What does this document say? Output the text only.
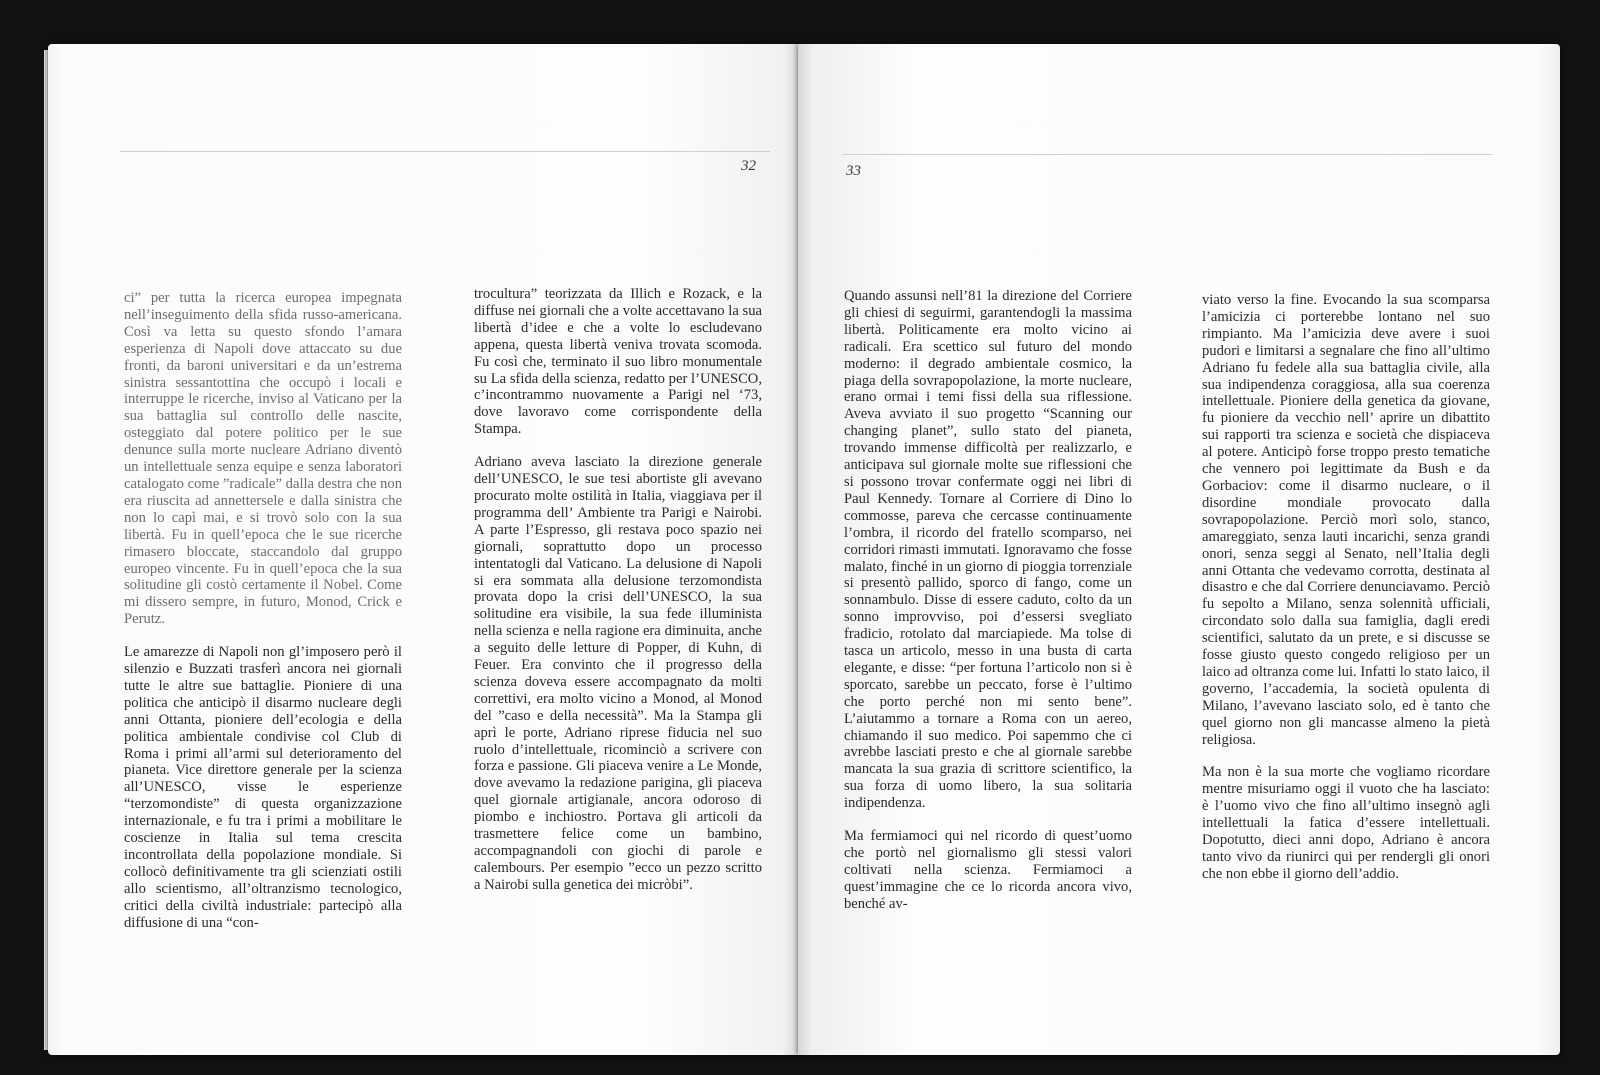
32

ci” per tutta la ricerca europea impegnata nell’inseguimento della sfida russo-americana. Così va letta su questo sfondo l’amara esperienza di Napoli dove attaccato su due fronti, da baroni universitari e da un’estrema sinistra sessantottina che occupò i locali e interruppe le ricerche, inviso al Vaticano per la sua battaglia sul controllo delle nascite, osteggiato dal potere politico per le sue denunce sulla morte nucleare Adriano diventò un intellettuale senza equipe e senza laboratori catalogato come ”radicale” dalla destra che non era riuscita ad annettersele e dalla sinistra che non lo capì mai, e si trovò solo con la sua libertà. Fu in quell’epoca che le sue ricerche rimasero bloccate, staccandolo dal gruppo europeo vincente. Fu in quell’epoca che la sua solitudine gli costò certamente il Nobel. Come mi dissero sempre, in futuro, Monod, Crick e Perutz.

Le amarezze di Napoli non gl’imposero però il silenzio e Buzzati trasferì ancora nei giornali tutte le altre sue battaglie. Pioniere di una politica che anticipò il disarmo nucleare degli anni Ottanta, pioniere dell’ecologia e della politica ambientale condivise col Club di Roma i primi all’armi sul deterioramento del pianeta. Vice direttore generale per la scienza all’UNESCO, visse le esperienze “terzomondiste” di questa organizzazione internazionale, e fu tra i primi a mobilitare le coscienze in Italia sul tema crescita incontrollata della popolazione mondiale. Si collocò definitivamente tra gli scienziati ostili allo scientismo, all’oltranzismo tecnologico, critici della civiltà industriale: partecipò alla diffusione di una “con-

trocultura” teorizzata da Illich e Rozack, e la diffuse nei giornali che a volte accettavano la sua libertà d’idee e che a volte lo escludevano appena, questa libertà veniva trovata scomoda. Fu così che, terminato il suo libro monumentale su La sfida della scienza, redatto per l’UNESCO, c’incontrammo nuovamente a Parigi nel ‘73, dove lavoravo come corrispondente della Stampa.

Adriano aveva lasciato la direzione generale dell’UNESCO, le sue tesi abortiste gli avevano procurato molte ostilità in Italia, viaggiava per il programma dell’ Ambiente tra Parigi e Nairobi. A parte l’Espresso, gli restava poco spazio nei giornali, soprattutto dopo un processo intentatogli dal Vaticano. La delusione di Napoli si era sommata alla delusione terzomondista provata dopo la crisi dell’UNESCO, la sua solitudine era visibile, la sua fede illuminista nella scienza e nella ragione era diminuita, anche a seguito delle letture di Popper, di Kuhn, di Feuer. Era convinto che il progresso della scienza doveva essere accompagnato da molti correttivi, era molto vicino a Monod, al Monod del ”caso e della necessità”. Ma la Stampa gli aprì le porte, Adriano riprese fiducia nel suo ruolo d’intellettuale, ricominciò a scrivere con forza e passione. Gli piaceva venire a Le Monde, dove avevamo la redazione parigina, gli piaceva quel giornale artigianale, ancora odoroso di piombo e inchiostro. Portava gli articoli da trasmettere felice come un bambino, accompagnandoli con giochi di parole e calembours. Per esempio ”ecco un pezzo scritto a Nairobi sulla genetica dei micròbi”.

33

Quando assunsi nell’81 la direzione del Corriere gli chiesi di seguirmi, garantendogli la massima libertà. Politicamente era molto vicino ai radicali. Era scettico sul futuro del mondo moderno: il degrado ambientale cosmico, la piaga della sovrapopolazione, la morte nucleare, erano ormai i temi fissi della sua riflessione. Aveva avviato il suo progetto “Scanning our changing planet”, sullo stato del pianeta, trovando immense difficoltà per realizzarlo, e anticipava sul giornale molte sue riflessioni che si possono trovar confermate oggi nei libri di Paul Kennedy. Tornare al Corriere di Dino lo commosse, pareva che cercasse continuamente l’ombra, il ricordo del fratello scomparso, nei corridori rimasti immutati. Ignoravamo che fosse malato, finché in un giorno di pioggia torrenziale si presentò pallido, sporco di fango, come un sonnambulo. Disse di essere caduto, colto da un sonno improvviso, poi d’essersi svegliato fradicio, rotolato dal marciapiede. Ma tolse di tasca un articolo, messo in una busta di carta elegante, e disse: “per fortuna l’articolo non si è sporcato, sarebbe un peccato, forse è l’ultimo che porto perché non mi sento bene”. L’aiutammo a tornare a Roma con un aereo, chiamando il suo medico. Poi sapemmo che ci avrebbe lasciati presto e che al giornale sarebbe mancata la sua grazia di scrittore scientifico, la sua forza di uomo libero, la sua solitaria indipendenza.

Ma fermiamoci qui nel ricordo di quest’uomo che portò nel giornalismo gli stessi valori coltivati nella scienza. Fermiamoci a quest’immagine che ce lo ricorda ancora vivo, benché av-

viato verso la fine. Evocando la sua scomparsa l’amicizia ci porterebbe lontano nel suo rimpianto. Ma l’amicizia deve avere i suoi pudori e limitarsi a segnalare che fino all’ultimo Adriano fu fedele alla sua battaglia civile, alla sua indipendenza coraggiosa, alla sua coerenza intellettuale. Pioniere della genetica da giovane, fu pioniere da vecchio nell’ aprire un dibattito sui rapporti tra scienza e società che dispiaceva al potere. Anticipò forse troppo presto tematiche che vennero poi legittimate da Bush e da Gorbaciov: come il disarmo nucleare, o il disordine mondiale provocato dalla sovrapopolazione. Perciò morì solo, stanco, amareggiato, senza lauti incarichi, senza grandi onori, senza seggi al Senato, nell’Italia degli anni Ottanta che vedevamo corrotta, destinata al disastro e che dal Corriere denunciavamo. Perciò fu sepolto a Milano, senza solennità ufficiali, circondato solo dalla sua famiglia, dagli eredi scientifici, salutato da un prete, e si discusse se fosse giusto questo congedo religioso per un laico ad oltranza come lui. Infatti lo stato laico, il governo, l’accademia, la società opulenta di Milano, l’avevano lasciato solo, ed è tanto che quel giorno non gli mancasse almeno la pietà religiosa.

Ma non è la sua morte che vogliamo ricordare mentre misuriamo oggi il vuoto che ha lasciato: è l’uomo vivo che fino all’ultimo insegnò agli intellettuali la fatica d’essere intellettuali. Dopotutto, dieci anni dopo, Adriano è ancora tanto vivo da riunirci qui per rendergli gli onori che non ebbe il giorno dell’addio.
